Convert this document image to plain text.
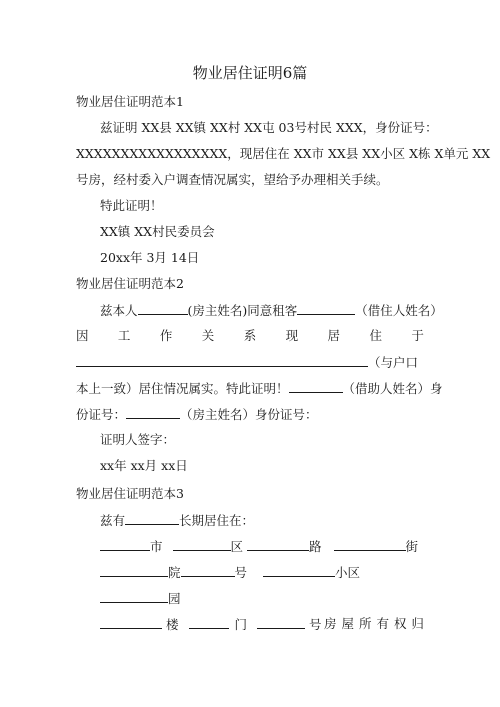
物业居住证明6篇
物业居住证明范本1
兹证明 XX县 XX镇 XX村 XX屯 03号村民 XXX，身份证号：
XXXXXXXXXXXXXXXXX，现居住在 XX市 XX县 XX小区 X栋 X单元 XX
号房，经村委入户调查情况属实，望给予办理相关手续。
特此证明！
XX镇 XX村民委员会
20xx年 3月 14日
物业居住证明范本2
兹本人	(房主姓名)同意租客	（借住人姓名）
因 工 作 关 系 现 居 住 于
（与户口
本上一致）居住情况属实。特此证明！	（借助人姓名）身
份证号：	（房主姓名）身份证号：
证明人签字：
xx年 xx月 xx日
物业居住证明范本3
兹有	长期居住在：
市	区	路	街
院	号	小区
园
楼	门	号 房 屋 所 有 权 归
